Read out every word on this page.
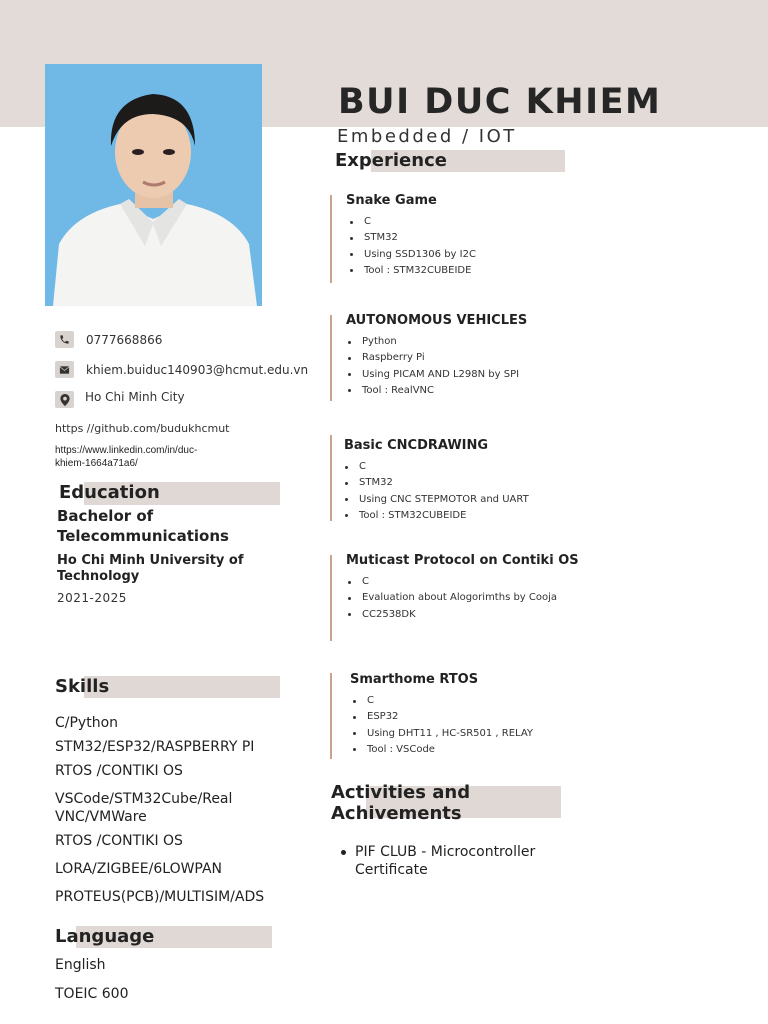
BUI DUC KHIEM
Embedded / IOT
0777668866
khiem.buiduc140903@hcmut.edu.vn
Ho Chi Minh City
https //github.com/budukhcmut
https://www.linkedin.com/in/duc-khiem-1664a71a6/
Education
Bachelor of Telecommunications
Ho Chi Minh University of Technology
2021-2025
Skills
C/Python
STM32/ESP32/RASPBERRY PI
RTOS /CONTIKI OS
VSCode/STM32Cube/Real VNC/VMWare
RTOS /CONTIKI OS
LORA/ZIGBEE/6LOWPAN
PROTEUS(PCB)/MULTISIM/ADS
Language
English
TOEIC 600
Experience
Snake Game
C
STM32
Using SSD1306 by I2C
Tool : STM32CUBEIDE
AUTONOMOUS VEHICLES
Python
Raspberry Pi
Using PICAM AND L298N by SPI
Tool : RealVNC
Basic CNCDRAWING
C
STM32
Using CNC STEPMOTOR and UART
Tool : STM32CUBEIDE
Muticast Protocol on Contiki OS
C
Evaluation about Alogorimths by Cooja
CC2538DK
Smarthome RTOS
C
ESP32
Using DHT11 , HC-SR501 , RELAY
Tool : VSCode
Activities and Achivements
PIF CLUB - Microcontroller Certificate
